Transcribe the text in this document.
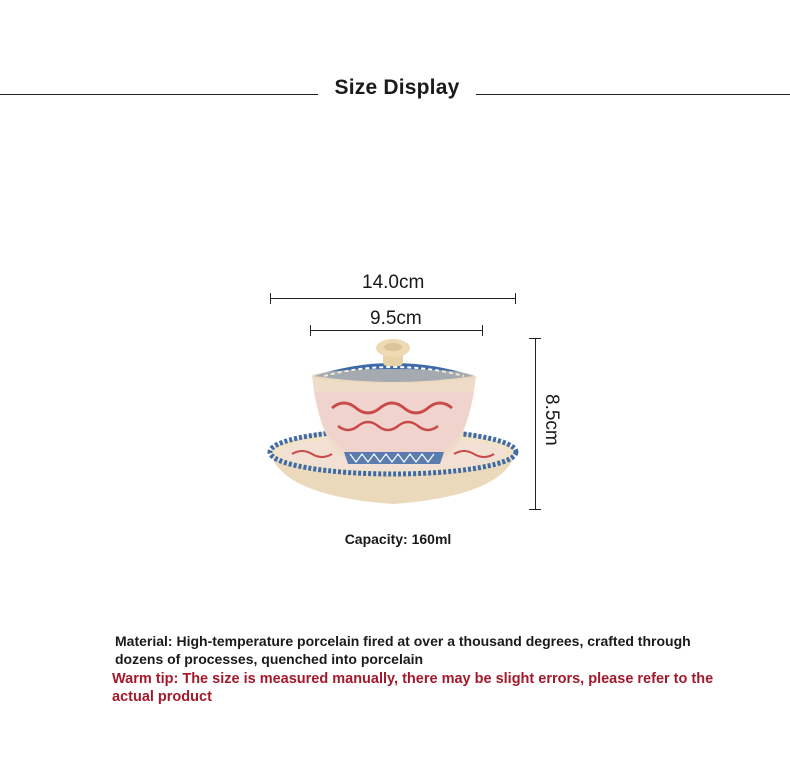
Size Display
14.0cm
9.5cm
8.5cm
Capacity: 160ml
Material: High-temperature porcelain fired at over a thousand degrees, crafted through dozens of processes, quenched into porcelain
Warm tip: The size is measured manually, there may be slight errors, please refer to the actual product
